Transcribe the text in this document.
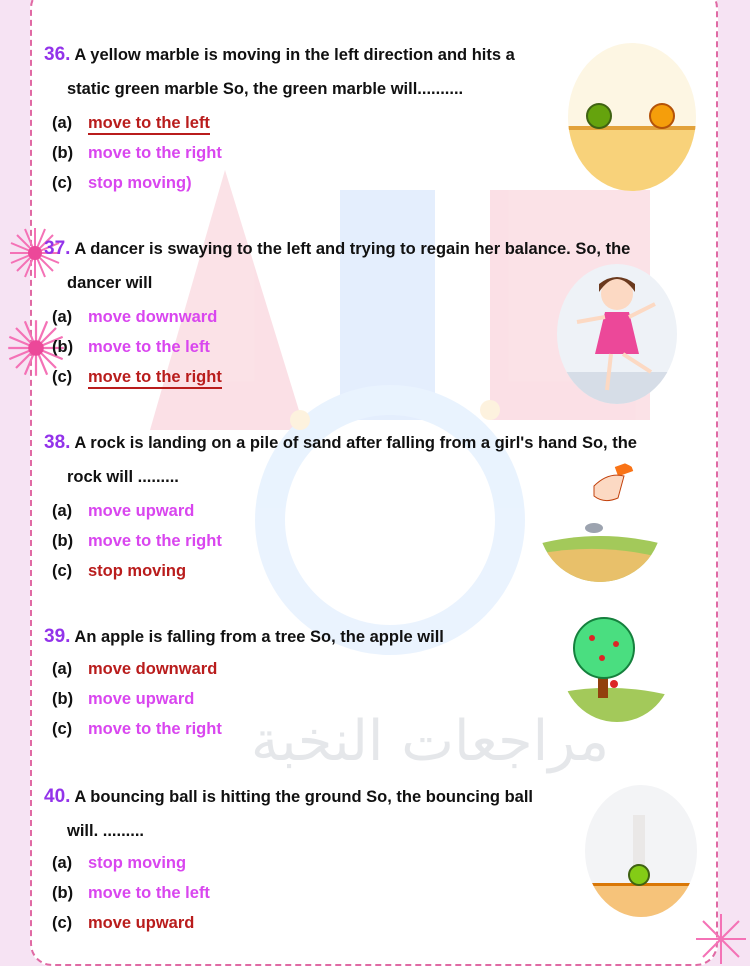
مراجعات النخبة
36. A yellow marble is moving in the left direction and hits a
static green marble So, the green marble will..........
(a) move to the left
(b) move to the right
(c) stop moving)
37. A dancer is swaying to the left and trying to regain her balance. So, the
dancer will
(a) move downward
(b) move to the left
(c) move to the right
38. A rock is landing on a pile of sand after falling from a girl's hand So, the
rock will .........
(a) move upward
(b) move to the right
(c) stop moving
39. An apple is falling from a tree So, the apple will
(a) move downward
(b) move upward
(c) move to the right
40. A bouncing ball is hitting the ground So, the bouncing ball
will. .........
(a) stop moving
(b) move to the left
(c) move upward
